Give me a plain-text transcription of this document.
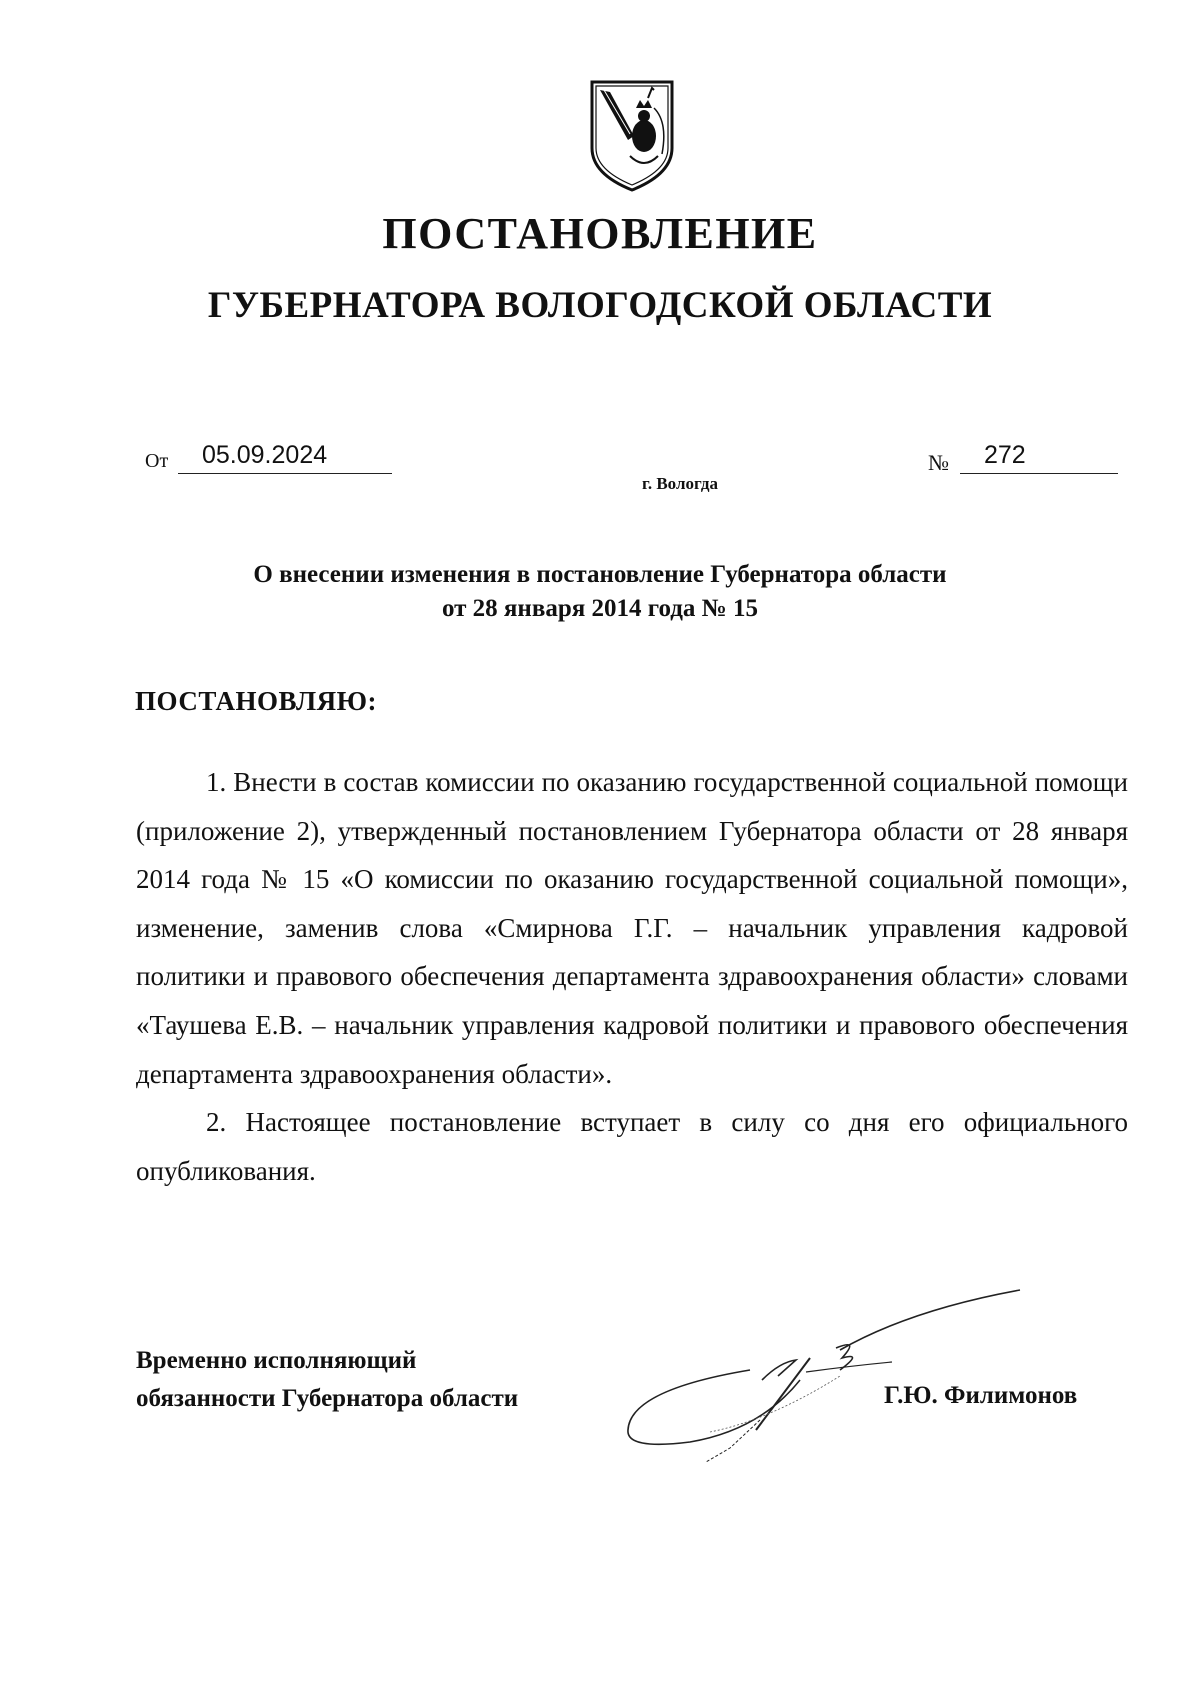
ПОСТАНОВЛЕНИЕ
ГУБЕРНАТОРА ВОЛОГОДСКОЙ ОБЛАСТИ
От	05.09.2024	№	272
г. Вологда
О внесении изменения в постановление Губернатора области
от 28 января 2014 года № 15
ПОСТАНОВЛЯЮ:

1. Внести в состав комиссии по оказанию государственной социальной помощи (приложение 2), утвержденный постановлением Губернатора области от 28 января 2014 года № 15 «О комиссии по оказанию государственной социальной помощи», изменение, заменив слова «Смирнова Г.Г. – начальник управления кадровой политики и правового обеспечения департамента здравоохранения области» словами «Таушева Е.В. – начальник управления кадровой политики и правового обеспечения департамента здравоохранения области».

2. Настоящее постановление вступает в силу со дня его официального опубликования.

Временно исполняющий
обязанности Губернатора области	Г.Ю. Филимонов
